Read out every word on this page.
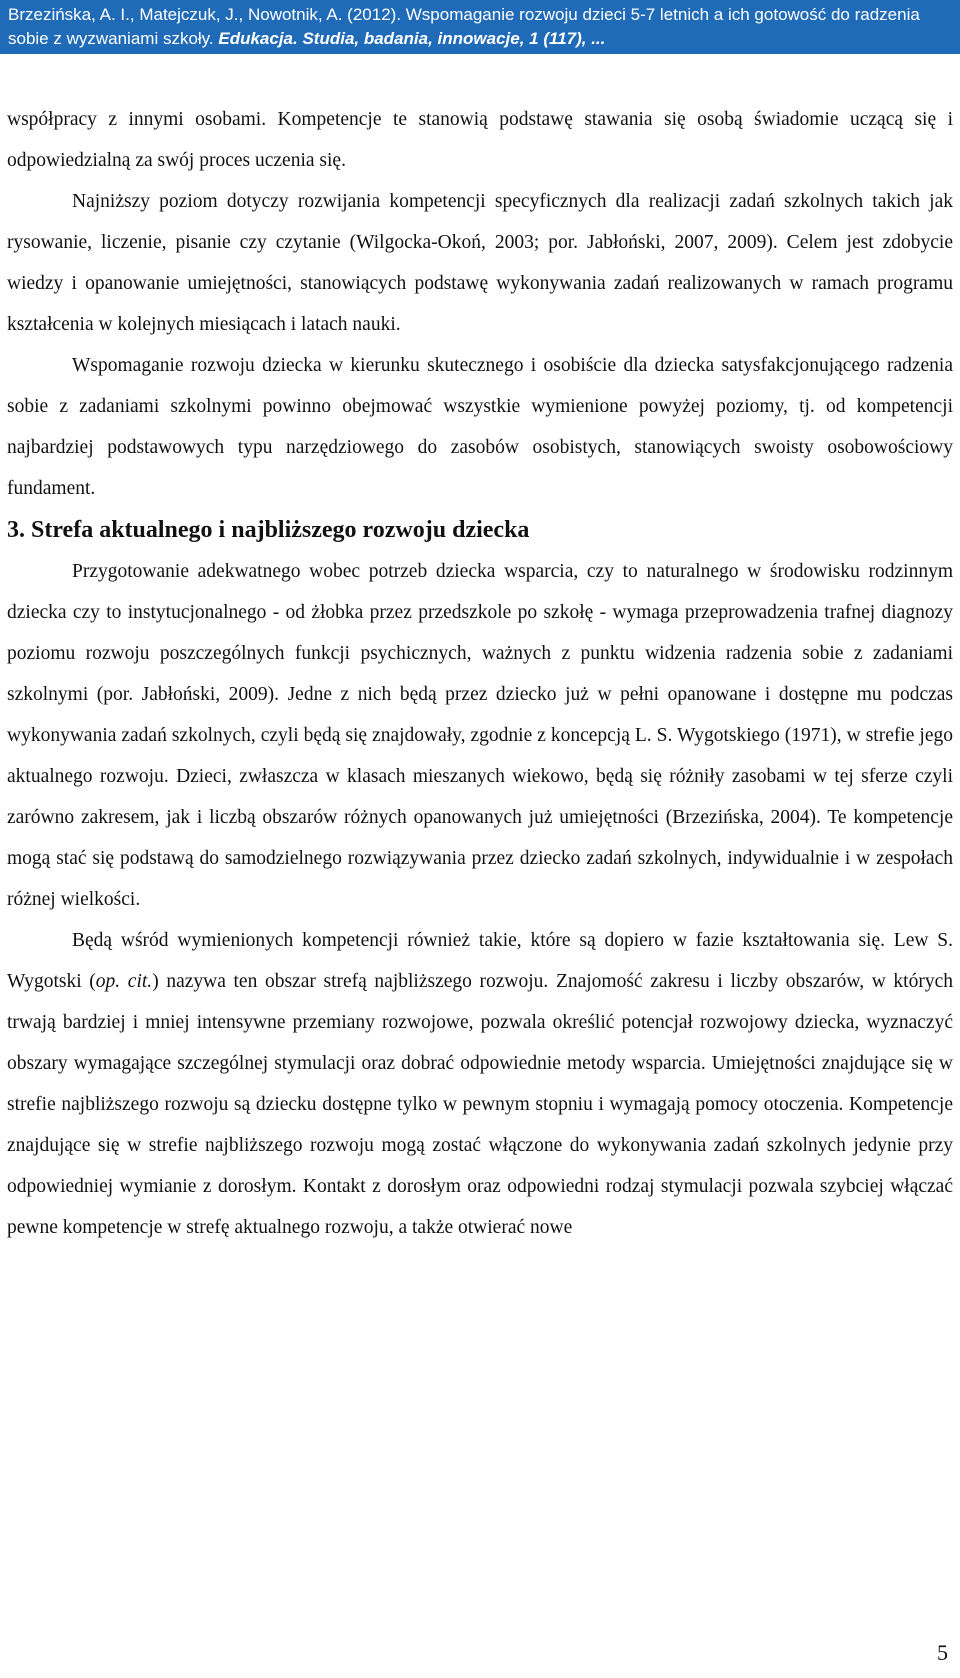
Brzezińska, A. I., Matejczuk, J., Nowotnik, A. (2012). Wspomaganie rozwoju dzieci 5-7 letnich a ich gotowość do radzenia
sobie z wyzwaniami szkoły. Edukacja. Studia, badania, innowacje, 1 (117), ...

współpracy z innymi osobami. Kompetencje te stanowią podstawę stawania się osobą świadomie uczącą się i odpowiedzialną za swój proces uczenia się.

Najniższy poziom dotyczy rozwijania kompetencji specyficznych dla realizacji zadań szkolnych takich jak rysowanie, liczenie, pisanie czy czytanie (Wilgocka-Okoń, 2003; por. Jabłoński, 2007, 2009). Celem jest zdobycie wiedzy i opanowanie umiejętności, stanowiących podstawę wykonywania zadań realizowanych w ramach programu kształcenia w kolejnych miesiącach i latach nauki.

Wspomaganie rozwoju dziecka w kierunku skutecznego i osobiście dla dziecka satysfakcjonującego radzenia sobie z zadaniami szkolnymi powinno obejmować wszystkie wymienione powyżej poziomy, tj. od kompetencji najbardziej podstawowych typu narzędziowego do zasobów osobistych, stanowiących swoisty osobowościowy fundament.

3. Strefa aktualnego i najbliższego rozwoju dziecka

Przygotowanie adekwatnego wobec potrzeb dziecka wsparcia, czy to naturalnego w środowisku rodzinnym dziecka czy to instytucjonalnego - od żłobka przez przedszkole po szkołę - wymaga przeprowadzenia trafnej diagnozy poziomu rozwoju poszczególnych funkcji psychicznych, ważnych z punktu widzenia radzenia sobie z zadaniami szkolnymi (por. Jabłoński, 2009). Jedne z nich będą przez dziecko już w pełni opanowane i dostępne mu podczas wykonywania zadań szkolnych, czyli będą się znajdowały, zgodnie z koncepcją L. S. Wygotskiego (1971), w strefie jego aktualnego rozwoju. Dzieci, zwłaszcza w klasach mieszanych wiekowo, będą się różniły zasobami w tej sferze czyli zarówno zakresem, jak i liczbą obszarów różnych opanowanych już umiejętności (Brzezińska, 2004). Te kompetencje mogą stać się podstawą do samodzielnego rozwiązywania przez dziecko zadań szkolnych, indywidualnie i w zespołach różnej wielkości.

Będą wśród wymienionych kompetencji również takie, które są dopiero w fazie kształtowania się. Lew S. Wygotski (op. cit.) nazywa ten obszar strefą najbliższego rozwoju. Znajomość zakresu i liczby obszarów, w których trwają bardziej i mniej intensywne przemiany rozwojowe, pozwala określić potencjał rozwojowy dziecka, wyznaczyć obszary wymagające szczególnej stymulacji oraz dobrać odpowiednie metody wsparcia. Umiejętności znajdujące się w strefie najbliższego rozwoju są dziecku dostępne tylko w pewnym stopniu i wymagają pomocy otoczenia. Kompetencje znajdujące się w strefie najbliższego rozwoju mogą zostać włączone do wykonywania zadań szkolnych jedynie przy odpowiedniej wymianie z dorosłym. Kontakt z dorosłym oraz odpowiedni rodzaj stymulacji pozwala szybciej włączać pewne kompetencje w strefę aktualnego rozwoju, a także otwierać nowe

5
